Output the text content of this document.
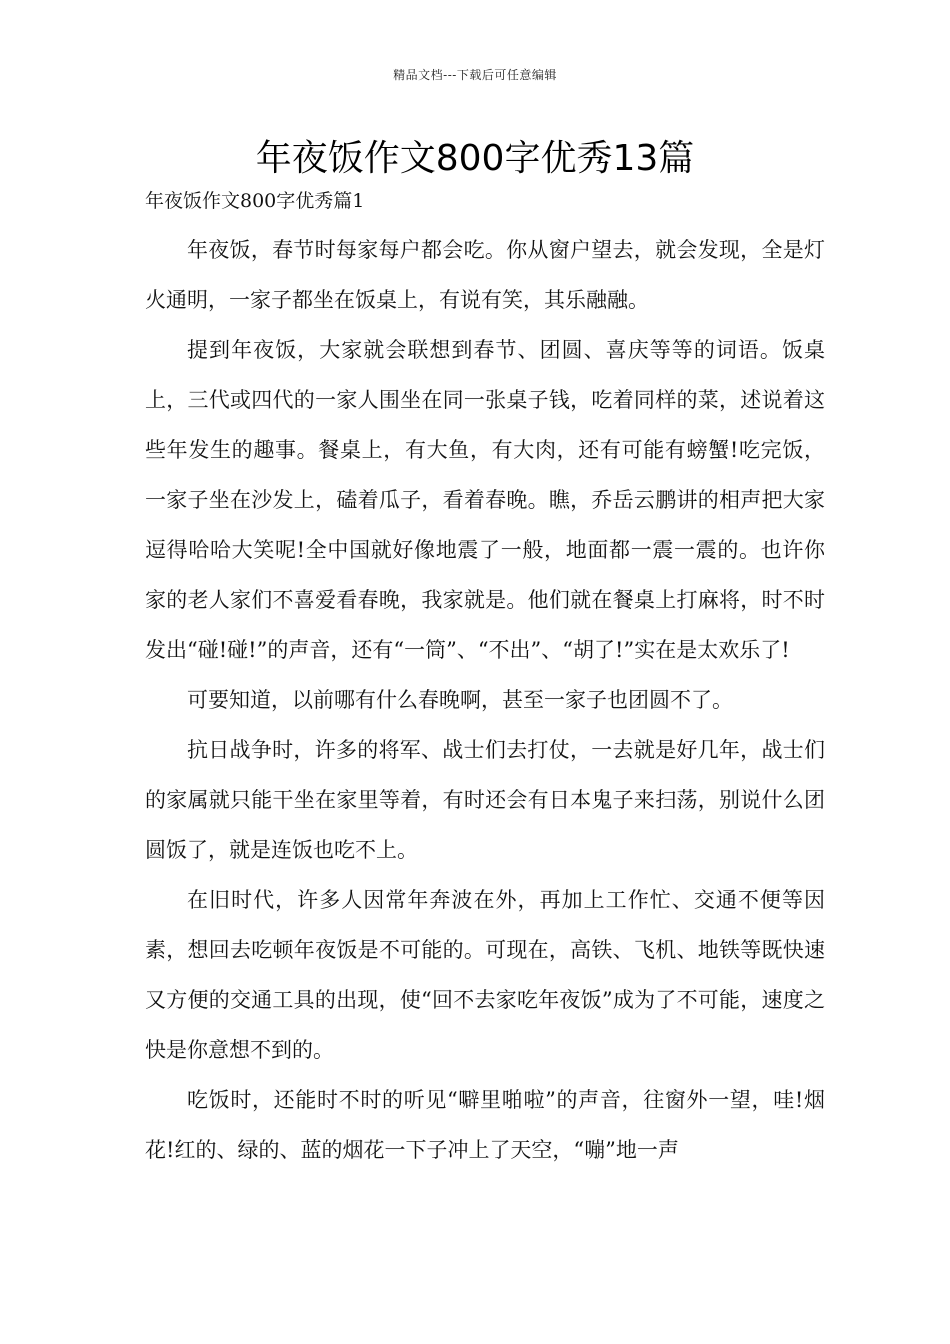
精品文档---下载后可任意编辑
年夜饭作文800字优秀13篇
年夜饭作文800字优秀篇1

年夜饭，春节时每家每户都会吃。你从窗户望去，就会发现，全是灯火通明，一家子都坐在饭桌上，有说有笑，其乐融融。

提到年夜饭，大家就会联想到春节、团圆、喜庆等等的词语。饭桌上，三代或四代的一家人围坐在同一张桌子钱，吃着同样的菜，述说着这些年发生的趣事。餐桌上，有大鱼，有大肉，还有可能有螃蟹!吃完饭，一家子坐在沙发上，磕着瓜子，看着春晚。瞧，乔岳云鹏讲的相声把大家逗得哈哈大笑呢!全中国就好像地震了一般，地面都一震一震的。也许你家的老人家们不喜爱看春晚，我家就是。他们就在餐桌上打麻将，时不时发出“碰!碰!”的声音，还有“一筒”、“不出”、“胡了!”实在是太欢乐了!

可要知道，以前哪有什么春晚啊，甚至一家子也团圆不了。

抗日战争时，许多的将军、战士们去打仗，一去就是好几年，战士们的家属就只能干坐在家里等着，有时还会有日本鬼子来扫荡，别说什么团圆饭了，就是连饭也吃不上。

在旧时代，许多人因常年奔波在外，再加上工作忙、交通不便等因素，想回去吃顿年夜饭是不可能的。可现在，高铁、飞机、地铁等既快速又方便的交通工具的出现，使“回不去家吃年夜饭”成为了不可能，速度之快是你意想不到的。

吃饭时，还能时不时的听见“噼里啪啦”的声音，往窗外一望，哇!烟花!红的、绿的、蓝的烟花一下子冲上了天空，“嘣”地一声
